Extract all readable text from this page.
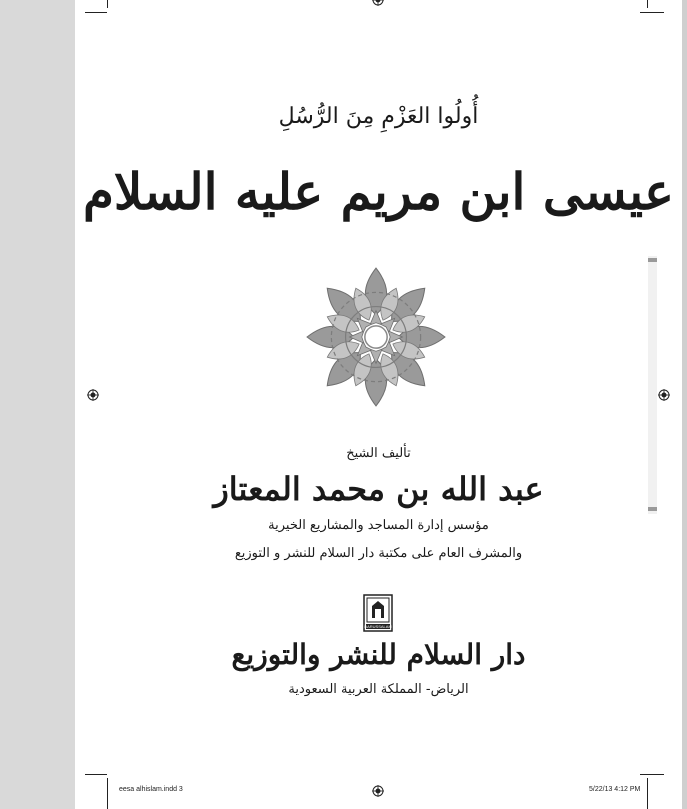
أُولُوا العَزْمِ مِنَ الرُّسُلِ
عيسى ابن مريم عليه السلام
تأليف الشيخ
عبد الله بن محمد المعتاز
مؤسس إدارة المساجد والمشاريع الخيرية
والمشرف العام على مكتبة دار السلام للنشر و التوزيع
DARUSSALAM
دار السلام للنشر والتوزيع
الرياض- المملكة العربية السعودية
eesa alhislam.indd 3	5/22/13 4:12 PM
